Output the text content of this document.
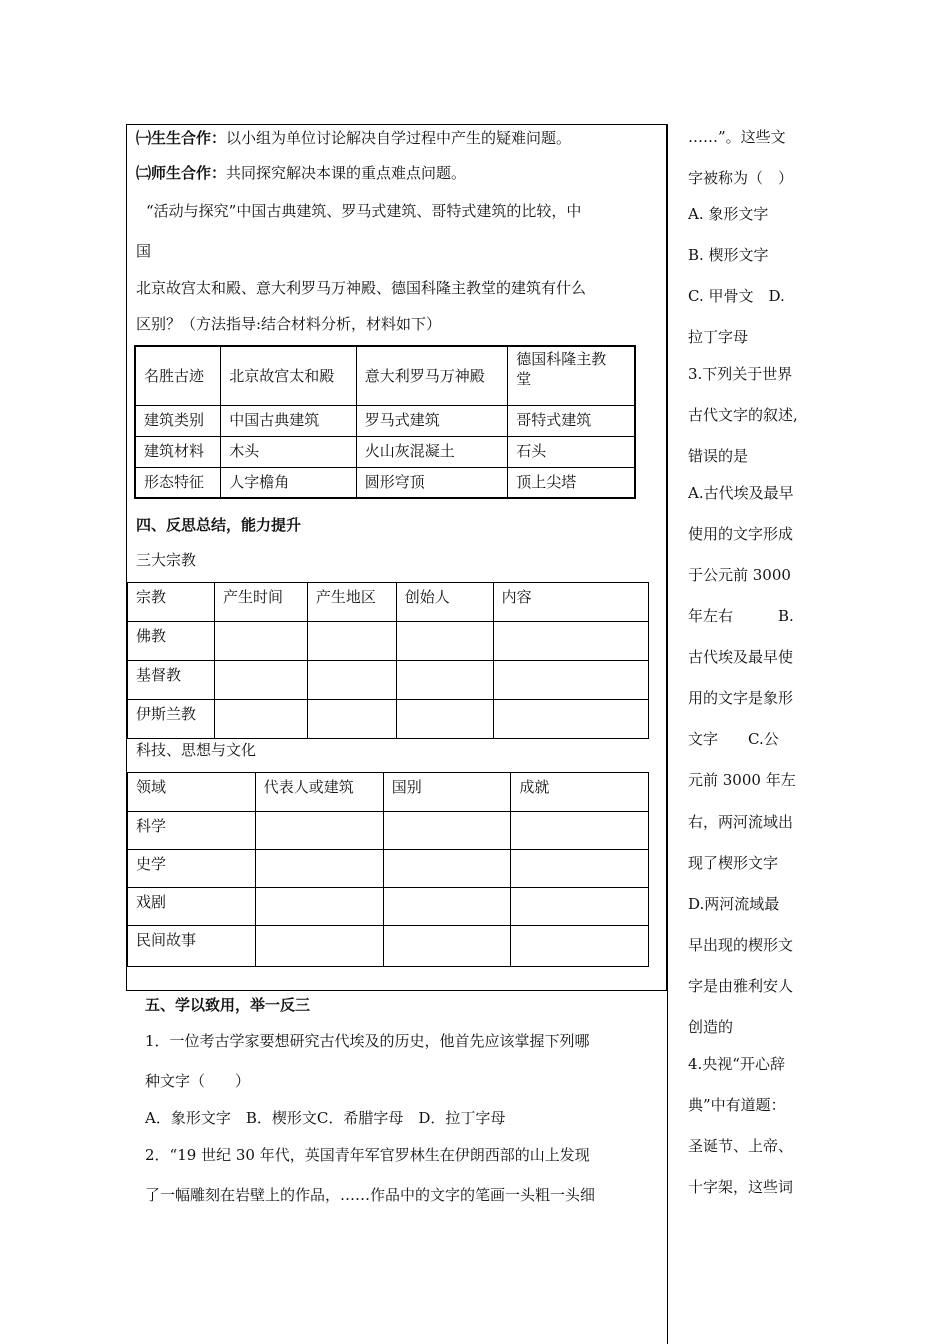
㈠生生合作：以小组为单位讨论解决自学过程中产生的疑难问题。
㈡师生合作：共同探究解决本课的重点难点问题。
“活动与探究”中国古典建筑、罗马式建筑、哥特式建筑的比较，中
国
北京故宫太和殿、意大利罗马万神殿、德国科隆主教堂的建筑有什么
区别？（方法指导:结合材料分析，材料如下）
名胜古迹	北京故宫太和殿	意大利罗马万神殿	德国科隆主教
堂
建筑类别	中国古典建筑	罗马式建筑	哥特式建筑
建筑材料	木头	火山灰混凝土	石头
形态特征	人字檐角	圆形穹顶	顶上尖塔
四、反思总结，能力提升
三大宗教
宗教	产生时间	产生地区	创始人	内容
佛教				
基督教				
伊斯兰教				
科技、思想与文化
领域	代表人或建筑	国别	成就
科学			
史学			
戏剧			
民间故事			
五、学以致用，举一反三
1．一位考古学家要想研究古代埃及的历史，他首先应该掌握下列哪
种文字（　　）
A．象形文字　B．楔形文C．希腊字母　D．拉丁字母
2．“19 世纪 30 年代，英国青年军官罗林生在伊朗西部的山上发现
了一幅雕刻在岩壁上的作品，……作品中的文字的笔画一头粗一头细
……”。这些文
字被称为（　）
A. 象形文字
B. 楔形文字
C. 甲骨文　D.
拉丁字母
3.下列关于世界
古代文字的叙述,
错误的是
A.古代埃及最早
使用的文字形成
于公元前 3000
年左右　　　B.
古代埃及最早使
用的文字是象形
文字　　C.公
元前 3000 年左
右，两河流域出
现了楔形文字
D.两河流域最
早出现的楔形文
字是由雅利安人
创造的
4.央视“开心辞
典”中有道题：
圣诞节、上帝、
十字架，这些词
